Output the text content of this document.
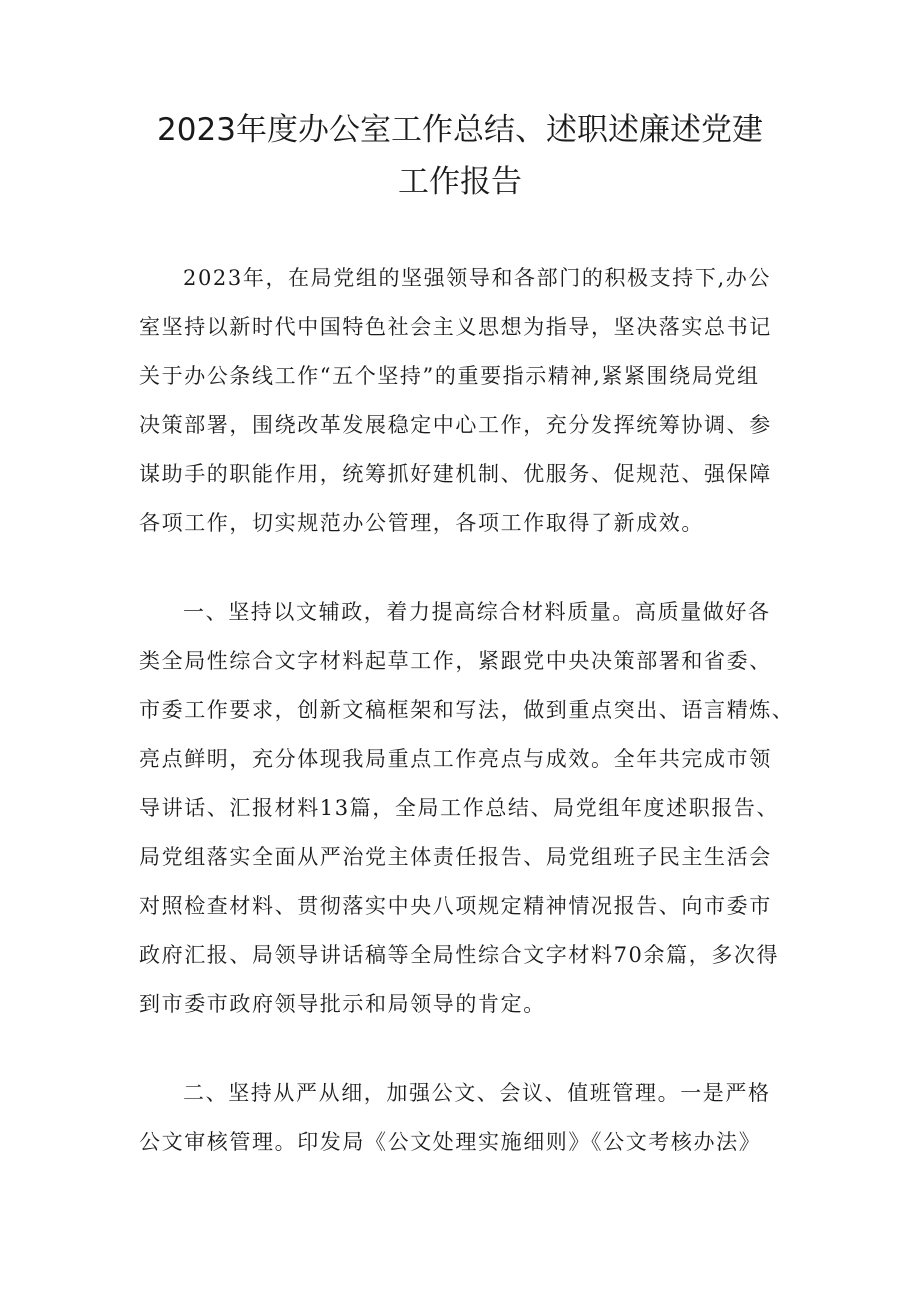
2023年度办公室工作总结、述职述廉述党建
工作报告
2023年，在局党组的坚强领导和各部门的积极支持下,办公
室坚持以新时代中国特色社会主义思想为指导，坚决落实总书记
关于办公条线工作“五个坚持”的重要指示精神,紧紧围绕局党组
决策部署，围绕改革发展稳定中心工作，充分发挥统筹协调、参
谋助手的职能作用，统筹抓好建机制、优服务、促规范、强保障
各项工作，切实规范办公管理，各项工作取得了新成效。
一、坚持以文辅政，着力提高综合材料质量。高质量做好各
类全局性综合文字材料起草工作，紧跟党中央决策部署和省委、
市委工作要求，创新文稿框架和写法，做到重点突出、语言精炼、
亮点鲜明，充分体现我局重点工作亮点与成效。全年共完成市领
导讲话、汇报材料13篇，全局工作总结、局党组年度述职报告、
局党组落实全面从严治党主体责任报告、局党组班子民主生活会
对照检查材料、贯彻落实中央八项规定精神情况报告、向市委市
政府汇报、局领导讲话稿等全局性综合文字材料70余篇，多次得
到市委市政府领导批示和局领导的肯定。
二、坚持从严从细，加强公文、会议、值班管理。一是严格
公文审核管理。印发局《公文处理实施细则》《公文考核办法》
